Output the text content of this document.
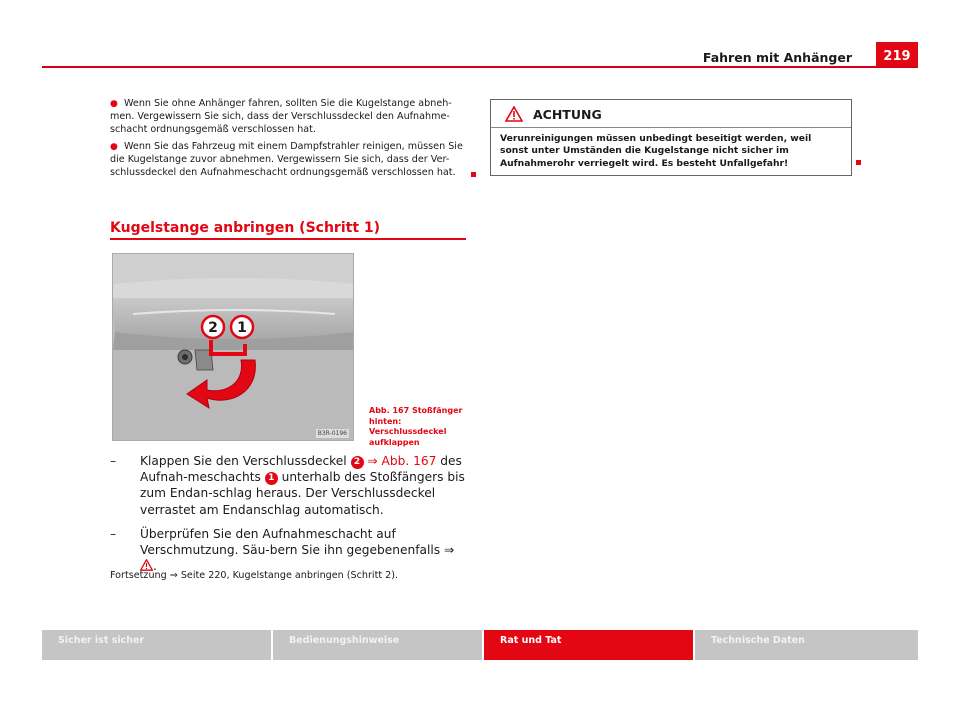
Fahren mit Anhänger	219

● Wenn Sie ohne Anhänger fahren, sollten Sie die Kugelstange abneh-men. Vergewissern Sie sich, dass der Verschlussdeckel den Aufnahme-schacht ordnungsgemäß verschlossen hat.

● Wenn Sie das Fahrzeug mit einem Dampfstrahler reinigen, müssen Sie die Kugelstange zuvor abnehmen. Vergewissern Sie sich, dass der Ver-schlussdeckel den Aufnahmeschacht ordnungsgemäß verschlossen hat.

Kugelstange anbringen (Schritt 1)
2 1
B3R-0196
Abb. 167 Stoßfänger hinten: Verschlussdeckel aufklappen
– Klappen Sie den Verschlussdeckel 2 ⇒ Abb. 167 des Aufnah-meschachts 1 unterhalb des Stoßfängers bis zum Endan-schlag heraus. Der Verschlussdeckel verrastet am Endanschlag automatisch.
– Überprüfen Sie den Aufnahmeschacht auf Verschmutzung. Säu-bern Sie ihn gegebenenfalls ⇒ .
Fortsetzung ⇒ Seite 220, Kugelstange anbringen (Schritt 2).
ACHTUNG
Verunreinigungen müssen unbedingt beseitigt werden, weil sonst unter Umständen die Kugelstange nicht sicher im Aufnahmerohr verriegelt wird. Es besteht Unfallgefahr!
Sicher ist sicher	Bedienungshinweise	Rat und Tat	Technische Daten
